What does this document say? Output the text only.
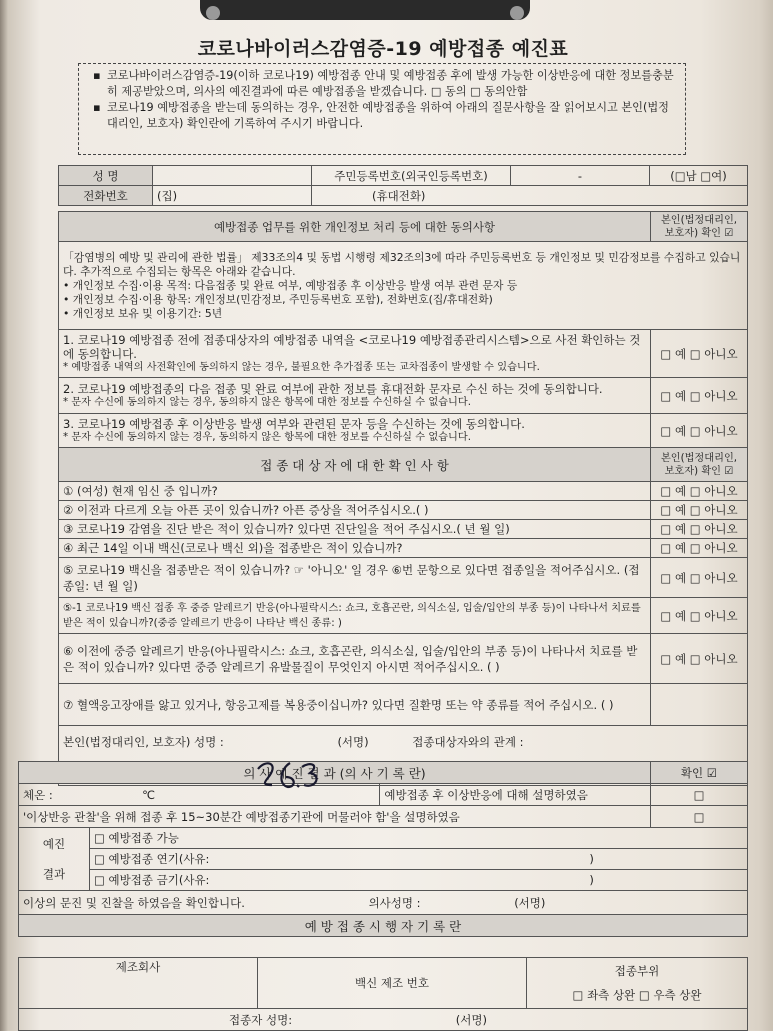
코로나바이러스감염증-19 예방접종 예진표

▪ 코로나바이러스감염증-19(이하 코로나19) 예방접종 안내 및 예방접종 후에 발생 가능한 이상반응에 대한 정보를충분히 제공받았으며, 의사의 예진결과에 따른 예방접종을 받겠습니다. □ 동의 □ 동의안함

▪ 코로나19 예방접종을 받는데 동의하는 경우, 안전한 예방접종을 위하여 아래의 질문사항을 잘 읽어보시고 본인(법정대리인, 보호자) 확인란에 기록하여 주시기 바랍니다.

성 명		주민등록번호(외국인등록번호)	-	(□남 □여)
전화번호	(집)	(휴대전화)		
예방접종 업무를 위한 개인정보 처리 등에 대한 동의사항	본인(법정대리인, 보호자) 확인 ☑

「감염병의 예방 및 관리에 관한 법률」 제33조의4 및 동법 시행령 제32조의3에 따라 주민등록번호 등 개인정보 및 민감정보를 수집하고 있습니다. 추가적으로 수집되는 항목은 아래와 같습니다.
• 개인정보 수집·이용 목적: 다음접종 및 완료 여부, 예방접종 후 이상반응 발생 여부 관련 문자 등
• 개인정보 수집·이용 항목: 개인정보(민감정보, 주민등록번호 포함), 전화번호(집/휴대전화)
• 개인정보 보유 및 이용기간: 5년	

1. 코로나19 예방접종 전에 접종대상자의 예방접종 내역을 <코로나19 예방접종관리시스템>으로 사전 확인하는 것에 동의합니다.
* 예방접종 내역의 사전확인에 동의하지 않는 경우, 불필요한 추가접종 또는 교차접종이 발생할 수 있습니다.	□ 예 □ 아니오

2. 코로나19 예방접종의 다음 접종 및 완료 여부에 관한 정보를 휴대전화 문자로 수신 하는 것에 동의합니다.
* 문자 수신에 동의하지 않는 경우, 동의하지 않은 항목에 대한 정보를 수신하실 수 없습니다.	□ 예 □ 아니오

3. 코로나19 예방접종 후 이상반응 발생 여부와 관련된 문자 등을 수신하는 것에 동의합니다.
* 문자 수신에 동의하지 않는 경우, 동의하지 않은 항목에 대한 정보를 수신하실 수 없습니다.	□ 예 □ 아니오
접 종 대 상 자 에 대 한 확 인 사 항	본인(법정대리인, 보호자) 확인 ☑
① (여성) 현재 임신 중 입니까?	□ 예 □ 아니오
② 이전과 다르게 오늘 아픈 곳이 있습니까? 아픈 증상을 적어주십시오.( )	□ 예 □ 아니오
③ 코로나19 감염을 진단 받은 적이 있습니까? 있다면 진단일을 적어 주십시오.( 년 월 일)	□ 예 □ 아니오
④ 최근 14일 이내 백신(코로나 백신 외)을 접종받은 적이 있습니까?	□ 예 □ 아니오
⑤ 코로나19 백신을 접종받은 적이 있습니까? ☞ '아니오' 일 경우 ⑥번 문항으로 있다면 접종일을 적어주십시오. (접종일: 년 월 일)	□ 예 □ 아니오
⑤-1 코로나19 백신 접종 후 중증 알레르기 반응(아나필락시스: 쇼크, 호흡곤란, 의식소실, 입술/입안의 부종 등)이 나타나서 치료를 받은 적이 있습니까?(중증 알레르기 반응이 나타난 백신 종류: )	□ 예 □ 아니오
⑥ 이전에 중증 알레르기 반응(아나필락시스: 쇼크, 호흡곤란, 의식소실, 입술/입안의 부종 등)이 나타나서 치료를 받은 적이 있습니까? 있다면 중증 알레르기 유발물질이 무엇인지 아시면 적어주십시오. ( )	□ 예 □ 아니오
⑦ 혈액응고장애를 앓고 있거나, 항응고제를 복용중이십니까? 있다면 질환명 또는 약 종류를 적어 주십시오. ( )	
본인(법정대리인, 보호자) 성명 : (서명) 접종대상자와의 관계 :	
의 사 예 진 결 과 (의 사 기 록 란)			확인 ☑
체온 : ℃		예방접종 후 이상반응에 대해 설명하였음	□
'이상반응 관찰'을 위해 접종 후 15~30분간 예방접종기관에 머물러야 함'을 설명하였음			□

예진
결과	□ 예방접종 가능		
	□ 예방접종 연기(사유: )		
	□ 예방접종 금기(사유: )		
이상의 문진 및 진찰을 하였음을 확인합니다. 의사성명 : (서명)			
예 방 접 종 시 행 자 기 록 란			
제조회사	백신 제조 번호	
접종부위
□ 좌측 상완 □ 우측 상완

접종자 성명:	(서명)
